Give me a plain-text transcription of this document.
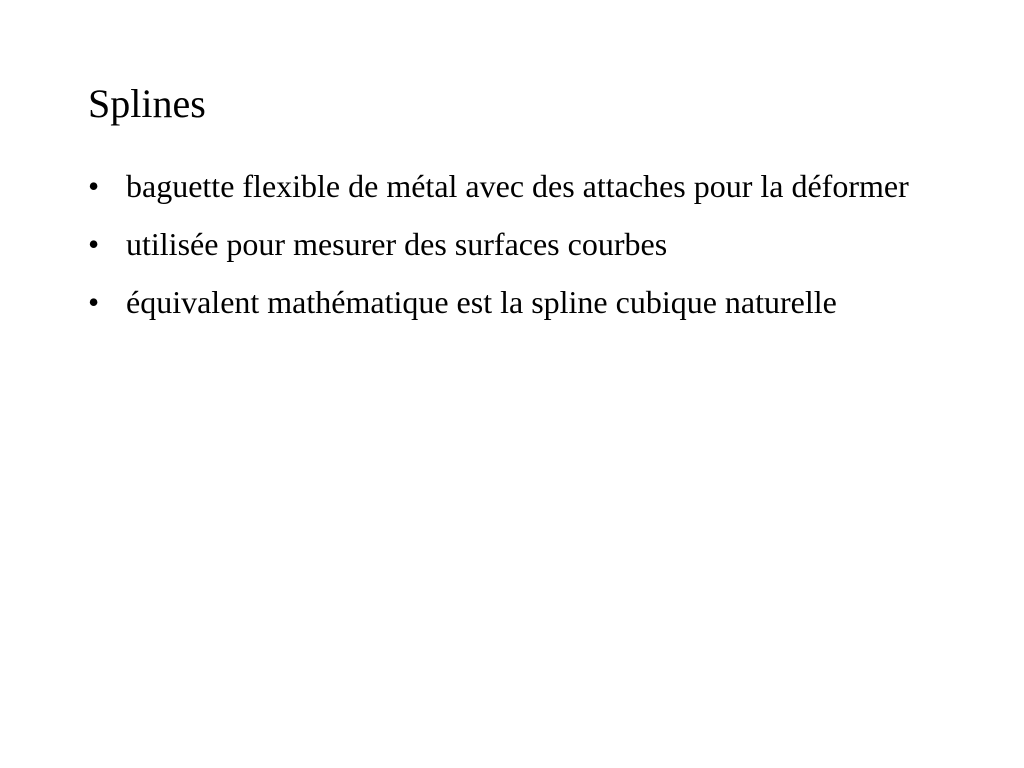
Splines
• baguette flexible de métal avec des attaches pour la déformer
• utilisée pour mesurer des surfaces courbes
• équivalent mathématique est la spline cubique naturelle
